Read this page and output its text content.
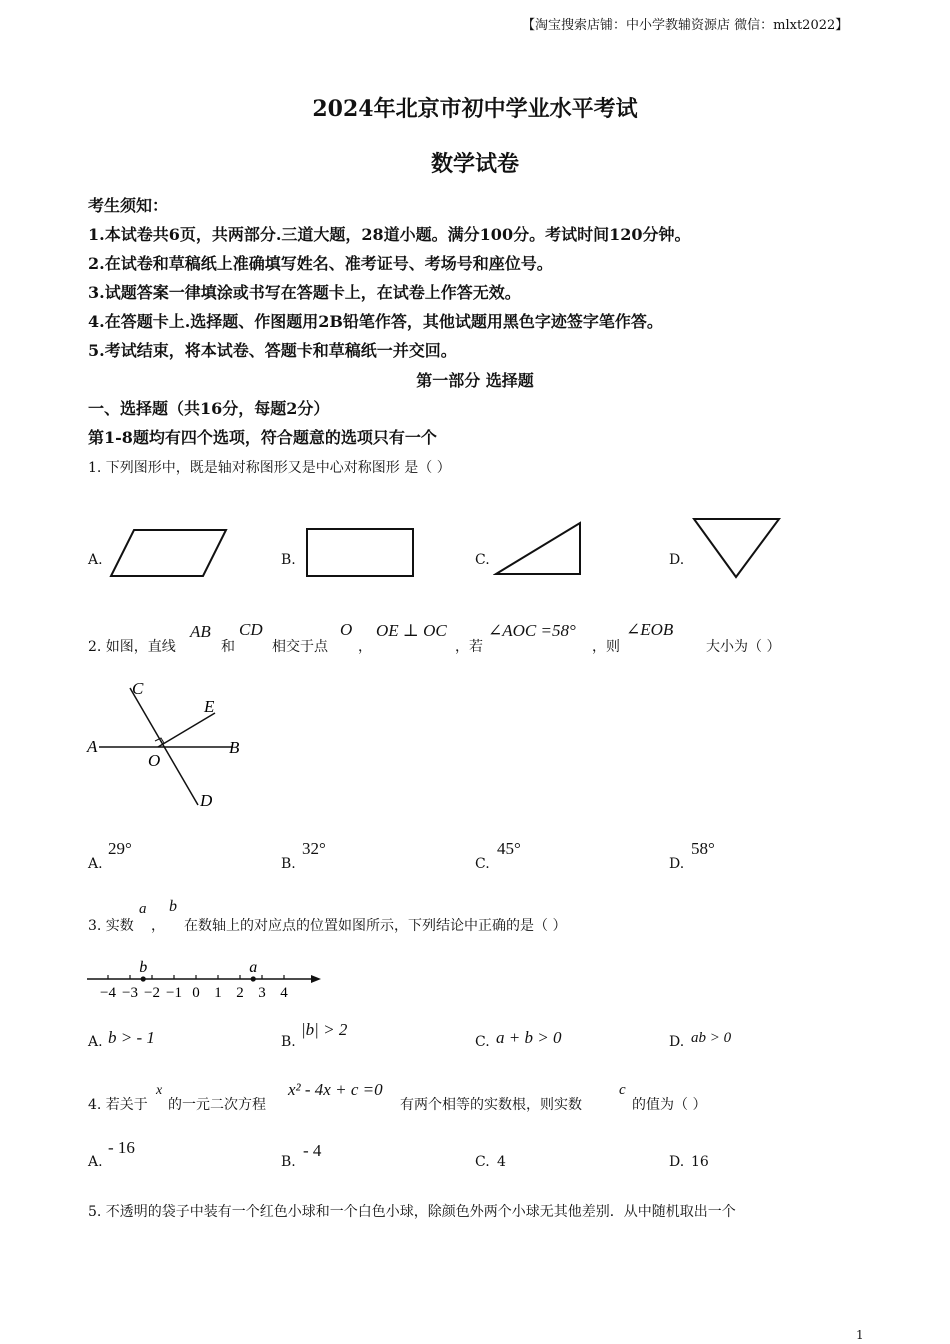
【淘宝搜索店铺：中小学教辅资源店 微信：mlxt2022】
2024年北京市初中学业水平考试
数学试卷
考生须知：
1.本试卷共6页，共两部分.三道大题，28道小题。满分100分。考试时间120分钟。
2.在试卷和草稿纸上准确填写姓名、准考证号、考场号和座位号。
3.试题答案一律填涂或书写在答题卡上，在试卷上作答无效。
4.在答题卡上.选择题、作图题用2B铅笔作答，其他试题用黑色字迹签字笔作答。
5.考试结束，将本试卷、答题卡和草稿纸一并交回。
第一部分 选择题
一、选择题（共16分，每题2分）
第1-8题均有四个选项，符合题意的选项只有一个
1. 下列图形中，既是轴对称图形又是中心对称图形 是（ ）
A.	B.	C.	D.
2. 如图，直线
AB
和
CD
相交于点
O
，
OE ⊥ OC
，若
∠AOC =58°
，则
∠EOB
大小为（ ）
C
E
A
O
B
D
A.
29°
B.
32°
C.
45°
D.
58°
3. 实数
a
，
b
在数轴上的对应点的位置如图所示，下列结论中正确的是（ ）
−4 −3 −2 −1 0 1 2 3 4
b	a
A. b > - 1	B.
|b| > 2
C. a + b > 0	D. ab > 0
4. 若关于
x
的一元二次方程
x² - 4x + c =0
有两个相等的实数根，则实数
c
的值为（ ）
A.
- 16
B.
- 4
C. 4	D. 16
5. 不透明的袋子中装有一个红色小球和一个白色小球，除颜色外两个小球无其他差别．从中随机取出一个
1
